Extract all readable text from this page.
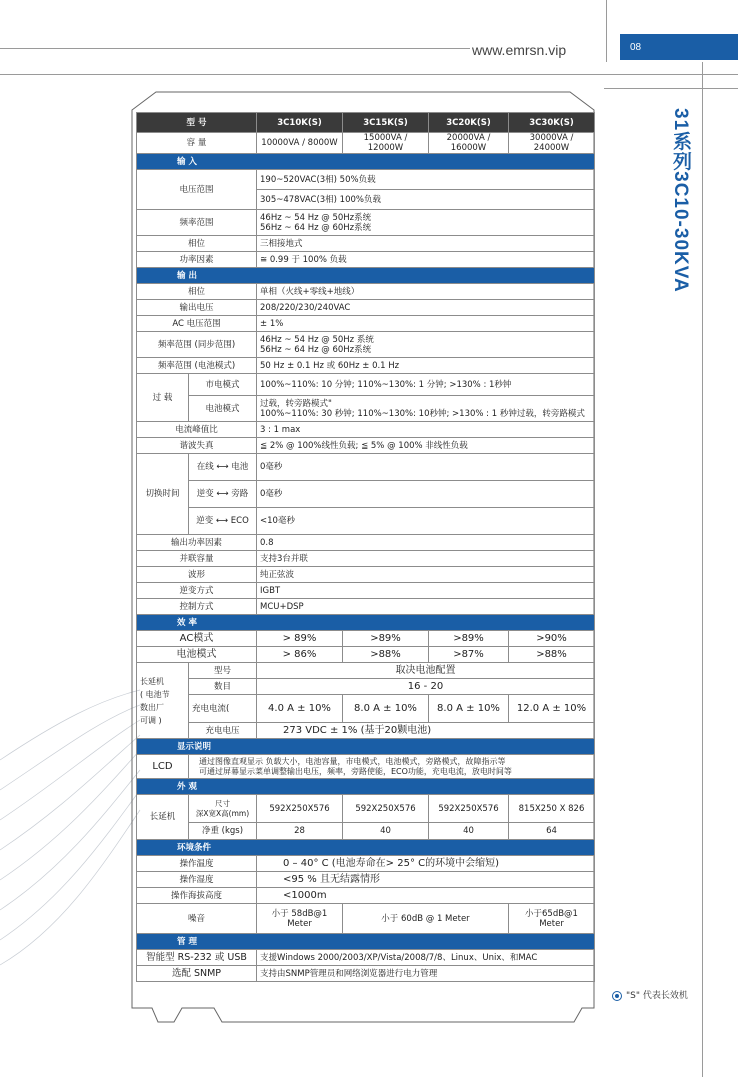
www.emrsn.vip	08
31系列3C10-30KVA
型 号		3C10K(S)	3C15K(S)	3C20K(S)	3C30K(S)
容 量		10000VA / 8000W	15000VA / 12000W	20000VA / 16000W	30000VA / 24000W
输 入					
电压范围		190~520VAC(3相) 50%负载			
		305~478VAC(3相) 100%负载			
频率范围		46Hz ~ 54 Hz @ 50Hz系统
56Hz ~ 64 Hz @ 60Hz系统			

相位		三相接地式			
功率因素		≅ 0.99 于 100% 负载			
输 出					
相位		单相（火线+零线+地线）			
输出电压		208/220/230/240VAC			
AC 电压范围		± 1%			
频率范围 (同步范围)		46Hz ~ 54 Hz @ 50Hz 系统
56Hz ~ 64 Hz @ 60Hz系统			

频率范围 (电池模式)		50 Hz ± 0.1 Hz 或 60Hz ± 0.1 Hz			
过 载	市电模式	100%~110%: 10 分钟; 110%~130%: 1 分钟; >130% : 1秒钟			
	电池模式	过载，转旁路模式"
100%~110%: 30 秒钟; 110%~130%: 10秒钟; >130% : 1 秒钟过载，转旁路模式			

电流峰值比		3 : 1 max			
谐波失真		≦ 2% @ 100%线性负载; ≦ 5% @ 100% 非线性负载			
切换时间	在线 ⟷ 电池	0毫秒			
	逆变 ⟷ 旁路	0毫秒			
	逆变 ⟷ ECO	<10毫秒			
输出功率因素		0.8			
并联容量		支持3台并联			
波形		纯正弦波			
逆变方式		IGBT			
控制方式		MCU+DSP			
效 率					
AC模式		> 89%	>89%	>89%	>90%
电池模式		> 86%	>88%	>87%	>88%

长延机
( 电池节
数出厂
可调 )	型号	取决电池配置			
	数目	16 - 20			
	充电电流(	4.0 A ± 10%	8.0 A ± 10%	8.0 A ± 10%	12.0 A ± 10%
	充电电压	273 VDC ± 1% (基于20颗电池)			
显示说明					
LCD	通过图像直观显示 负载大小，电池容量，市电模式，电池模式，旁路模式，故障指示等
可通过屏幕显示菜单调整输出电压，频率，旁路使能，ECO功能，充电电流，放电时间等				

外 观					
长延机	尺寸
深X宽X高(mm)	592X250X576	592X250X576	592X250X576	815X250 X 826
	净重 (kgs)	28	40	40	64
环境条件					
操作温度		0 – 40° C (电池寿命在> 25° C的环境中会缩短)			
操作湿度		<95 % 且无结露情形			
操作海拔高度		<1000m			
噪音		小于 58dB@1 Meter	小于 60dB @ 1 Meter		小于65dB@1 Meter
管 理					
智能型 RS-232 或 USB		支援Windows 2000/2003/XP/Vista/2008/7/8、Linux、Unix、和MAC			
选配 SNMP		支持由SNMP管理员和网络浏览器进行电力管理			
"S" 代表长效机
